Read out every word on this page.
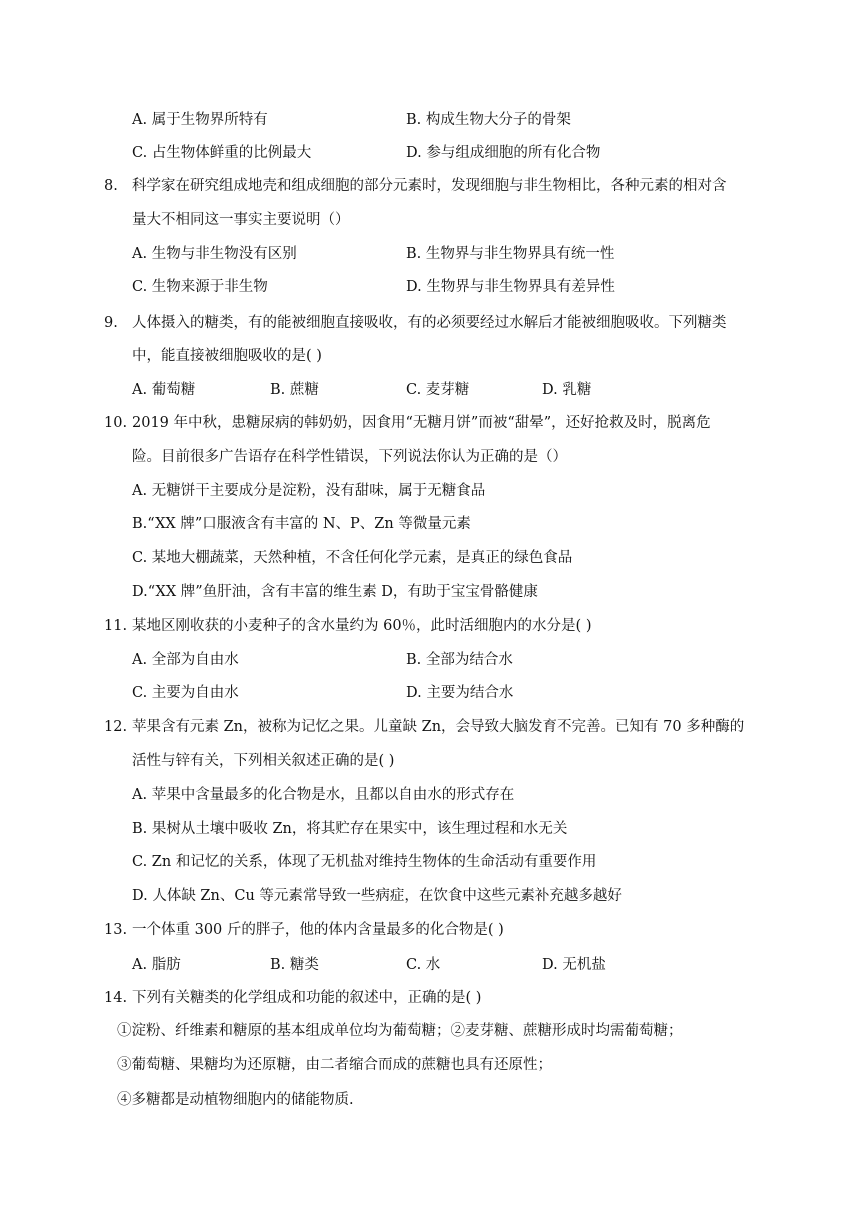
A. 属于生物界所特有	B. 构成生物大分子的骨架
C. 占生物体鲜重的比例最大	D. 参与组成细胞的所有化合物
8. 科学家在研究组成地壳和组成细胞的部分元素时，发现细胞与非生物相比，各种元素的相对含
量大不相同这一事实主要说明（）
A. 生物与非生物没有区别	B. 生物界与非生物界具有统一性
C. 生物来源于非生物	D. 生物界与非生物界具有差异性
9. 人体摄入的糖类，有的能被细胞直接吸收，有的必须要经过水解后才能被细胞吸收。下列糖类
中，能直接被细胞吸收的是( )
A. 葡萄糖	B. 蔗糖	C. 麦芽糖	D. 乳糖
10. 2019 年中秋，患糖尿病的韩奶奶，因食用“无糖月饼”而被“甜晕”，还好抢救及时，脱离危
险。目前很多广告语存在科学性错误，下列说法你认为正确的是（）
A. 无糖饼干主要成分是淀粉，没有甜味，属于无糖食品
B.“XX 牌”口服液含有丰富的 N、P、Zn 等微量元素
C. 某地大棚蔬菜，天然种植，不含任何化学元素，是真正的绿色食品
D.“XX 牌”鱼肝油，含有丰富的维生素 D，有助于宝宝骨骼健康
11. 某地区刚收获的小麦种子的含水量约为 60％，此时活细胞内的水分是( )
A. 全部为自由水	B. 全部为结合水
C. 主要为自由水	D. 主要为结合水
12. 苹果含有元素 Zn，被称为记忆之果。儿童缺 Zn，会导致大脑发育不完善。已知有 70 多种酶的
活性与锌有关，下列相关叙述正确的是( )
A. 苹果中含量最多的化合物是水，且都以自由水的形式存在
B. 果树从土壤中吸收 Zn，将其贮存在果实中，该生理过程和水无关
C. Zn 和记忆的关系，体现了无机盐对维持生物体的生命活动有重要作用
D. 人体缺 Zn、Cu 等元素常导致一些病症，在饮食中这些元素补充越多越好
13. 一个体重 300 斤的胖子，他的体内含量最多的化合物是( )
A. 脂肪	B. 糖类	C. 水	D. 无机盐
14. 下列有关糖类的化学组成和功能的叙述中，正确的是( )
①淀粉、纤维素和糖原的基本组成单位均为葡萄糖；②麦芽糖、蔗糖形成时均需葡萄糖；
③葡萄糖、果糖均为还原糖，由二者缩合而成的蔗糖也具有还原性；
④多糖都是动植物细胞内的储能物质.
